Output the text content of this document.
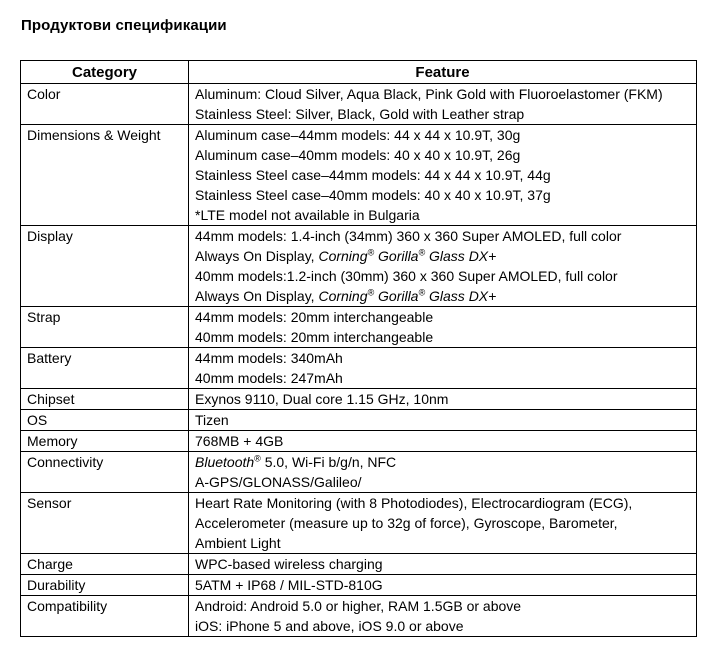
Продуктови спецификации
Category	Feature
Color	Aluminum: Cloud Silver, Aqua Black, Pink Gold with Fluoroelastomer (FKM)
Stainless Steel: Silver, Black, Gold with Leather strap

Dimensions & Weight	Aluminum case–44mm models: 44 x 44 x 10.9T, 30g
Aluminum case–40mm models: 40 x 40 x 10.9T, 26g
Stainless Steel case–44mm models: 44 x 44 x 10.9T, 44g
Stainless Steel case–40mm models: 40 x 40 x 10.9T, 37g
*LTE model not available in Bulgaria

Display	44mm models: 1.4-inch (34mm) 360 x 360 Super AMOLED, full color
Always On Display, Corning® Gorilla® Glass DX+
40mm models:1.2-inch (30mm) 360 x 360 Super AMOLED, full color
Always On Display, Corning® Gorilla® Glass DX+

Strap	44mm models: 20mm interchangeable
40mm models: 20mm interchangeable

Battery	44mm models: 340mAh
40mm models: 247mAh

Chipset	Exynos 9110, Dual core 1.15 GHz, 10nm

OS	Tizen

Memory	768MB + 4GB

Connectivity	Bluetooth® 5.0, Wi-Fi b/g/n, NFC
A-GPS/GLONASS/Galileo/

Sensor	Heart Rate Monitoring (with 8 Photodiodes), Electrocardiogram (ECG),
Accelerometer (measure up to 32g of force), Gyroscope, Barometer,
Ambient Light

Charge	WPC-based wireless charging

Durability	5ATM + IP68 / MIL-STD-810G

Compatibility	Android: Android 5.0 or higher, RAM 1.5GB or above
iOS: iPhone 5 and above, iOS 9.0 or above
